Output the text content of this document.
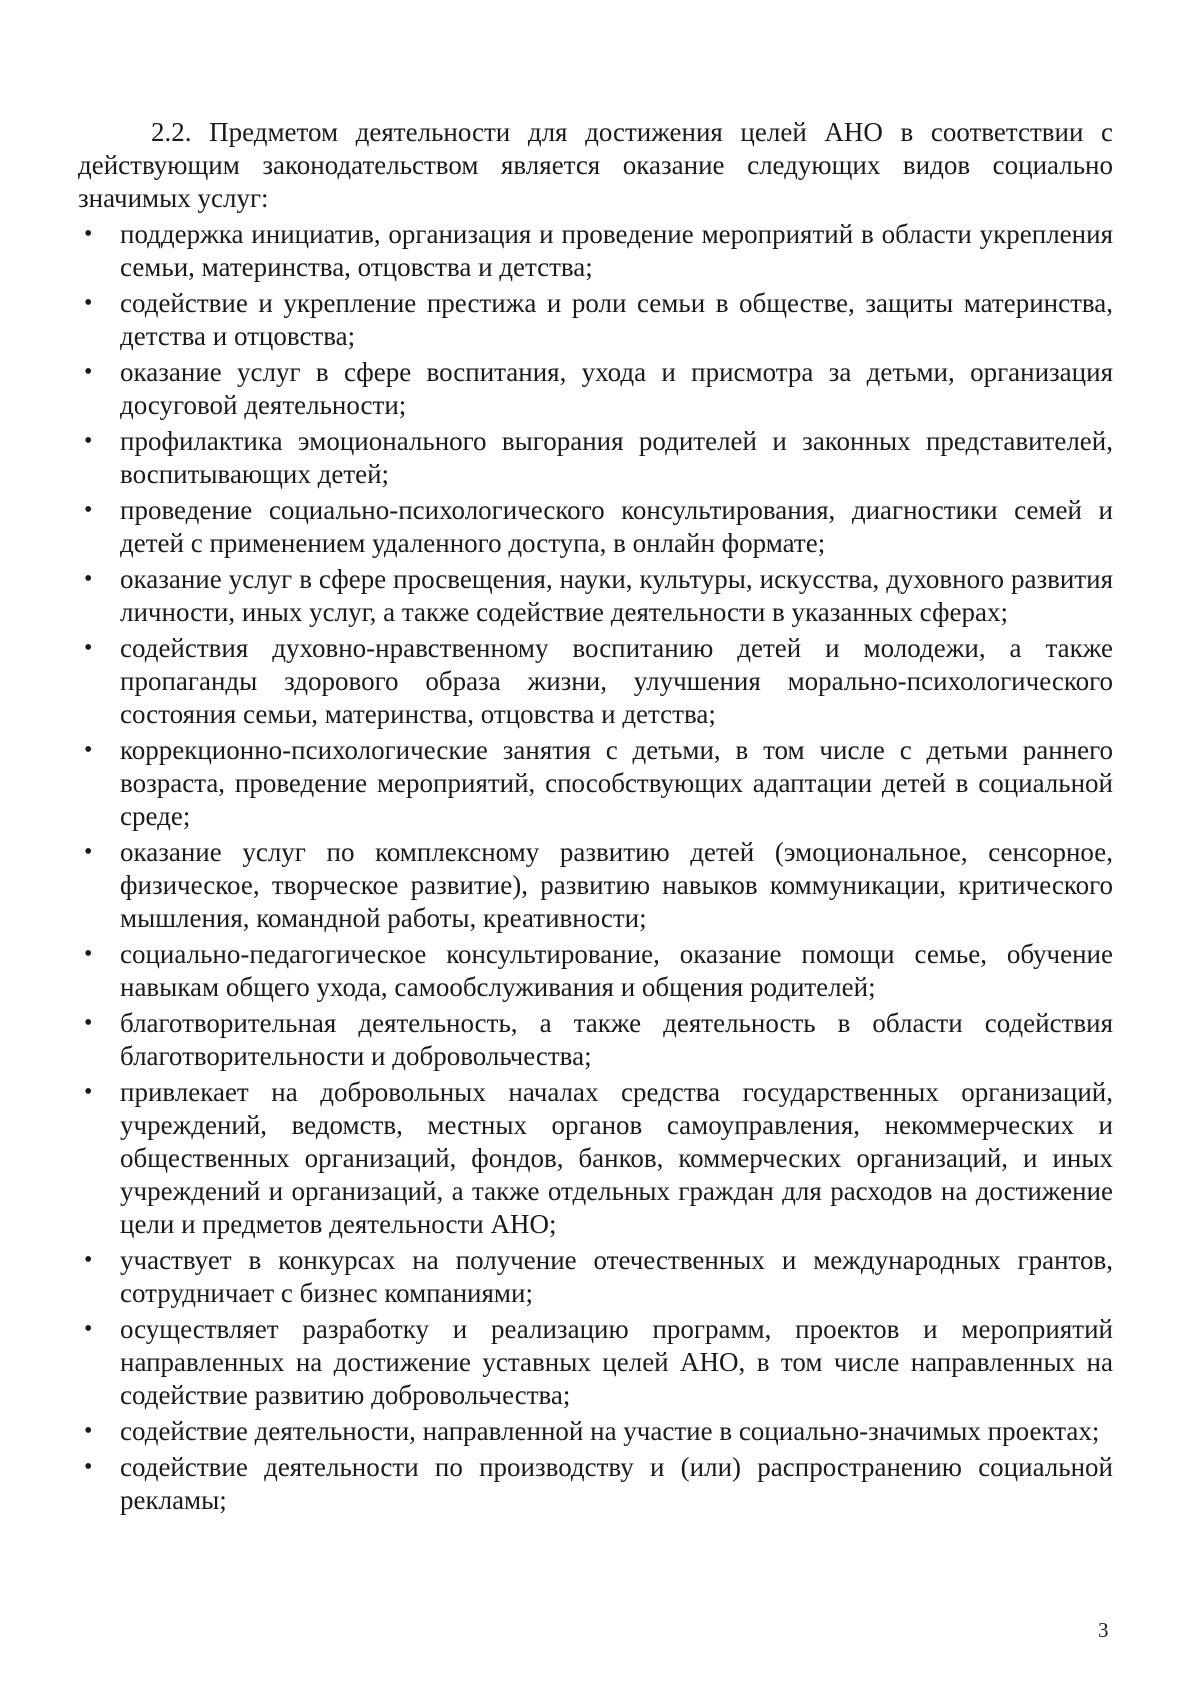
2.2. Предметом деятельности для достижения целей АНО в соответствии с действующим законодательством является оказание следующих видов социально значимых услуг:

• поддержка инициатив, организация и проведение мероприятий в области укрепления семьи, материнства, отцовства и детства;
• содействие и укрепление престижа и роли семьи в обществе, защиты материнства, детства и отцовства;
• оказание услуг в сфере воспитания, ухода и присмотра за детьми, организация досуговой деятельности;
• профилактика эмоционального выгорания родителей и законных представителей, воспитывающих детей;
• проведение социально-психологического консультирования, диагностики семей и детей с применением удаленного доступа, в онлайн формате;
• оказание услуг в сфере просвещения, науки, культуры, искусства, духовного развития личности, иных услуг, а также содействие деятельности в указанных сферах;
• содействия духовно-нравственному воспитанию детей и молодежи, а также пропаганды здорового образа жизни, улучшения морально-психологического состояния семьи, материнства, отцовства и детства;
• коррекционно-психологические занятия с детьми, в том числе с детьми раннего возраста, проведение мероприятий, способствующих адаптации детей в социальной среде;
• оказание услуг по комплексному развитию детей (эмоциональное, сенсорное, физическое, творческое развитие), развитию навыков коммуникации, критического мышления, командной работы, креативности;
• социально-педагогическое консультирование, оказание помощи семье, обучение навыкам общего ухода, самообслуживания и общения родителей;
• благотворительная деятельность, а также деятельность в области содействия благотворительности и добровольчества;
• привлекает на добровольных началах средства государственных организаций, учреждений, ведомств, местных органов самоуправления, некоммерческих и общественных организаций, фондов, банков, коммерческих организаций, и иных учреждений и организаций, а также отдельных граждан для расходов на достижение цели и предметов деятельности АНО;
• участвует в конкурсах на получение отечественных и международных грантов, сотрудничает с бизнес компаниями;
• осуществляет разработку и реализацию программ, проектов и мероприятий направленных на достижение уставных целей АНО, в том числе направленных на содействие развитию добровольчества;
• содействие деятельности, направленной на участие в социально-значимых проектах;
• содействие деятельности по производству и (или) распространению социальной рекламы;
3
